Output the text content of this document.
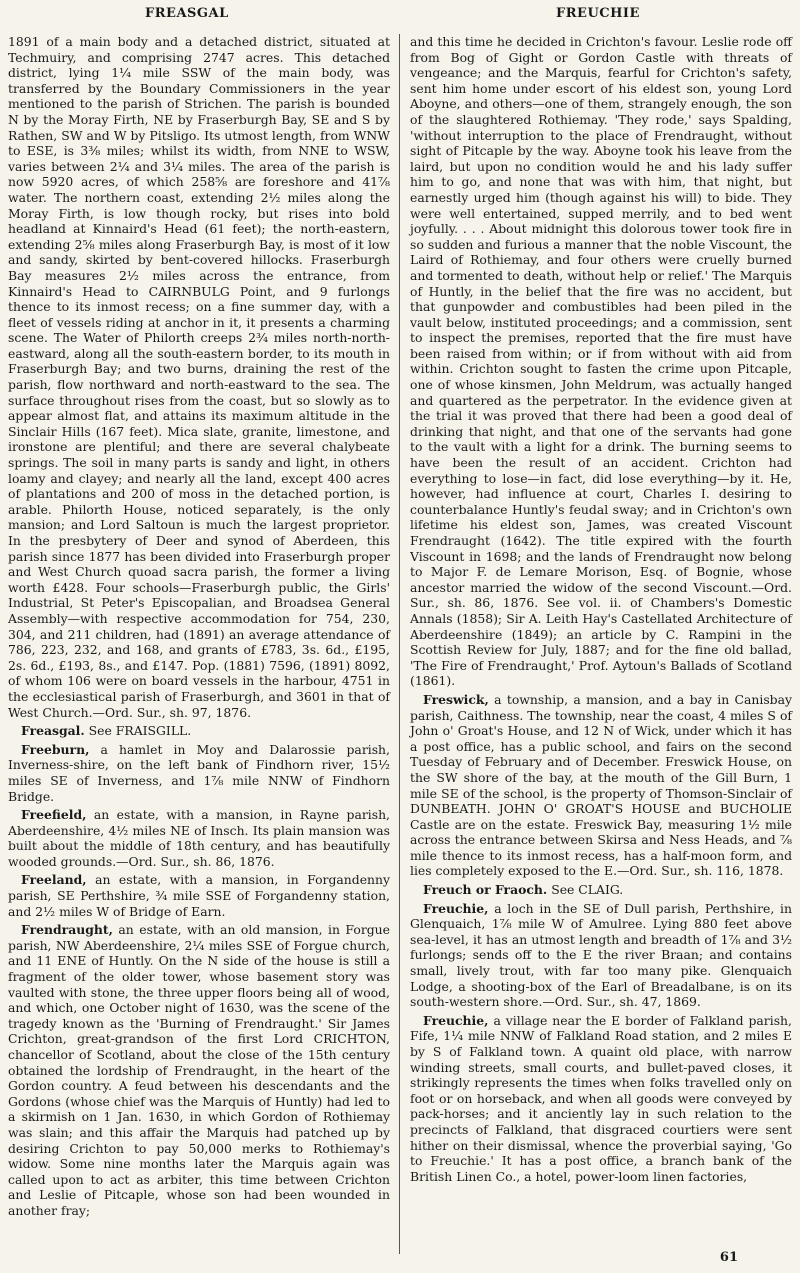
FREASGAL	FREUCHIE

1891 of a main body and a detached district, situated at Techmuiry, and comprising 2747 acres. This detached district, lying 1¼ mile SSW of the main body, was transferred by the Boundary Commissioners in the year mentioned to the parish of Strichen. The parish is bounded N by the Moray Firth, NE by Fraserburgh Bay, SE and S by Rathen, SW and W by Pitsligo. Its utmost length, from WNW to ESE, is 3⅜ miles; whilst its width, from NNE to WSW, varies between 2¼ and 3¼ miles. The area of the parish is now 5920 acres, of which 258⅝ are foreshore and 41⅞ water. The northern coast, extending 2½ miles along the Moray Firth, is low though rocky, but rises into bold headland at Kinnaird's Head (61 feet); the north-eastern, extending 2⅝ miles along Fraserburgh Bay, is most of it low and sandy, skirted by bent-covered hillocks. Fraserburgh Bay measures 2½ miles across the entrance, from Kinnaird's Head to CAIRNBULG Point, and 9 furlongs thence to its inmost recess; on a fine summer day, with a fleet of vessels riding at anchor in it, it presents a charming scene. The Water of Philorth creeps 2¾ miles north-north-eastward, along all the south-eastern border, to its mouth in Fraserburgh Bay; and two burns, draining the rest of the parish, flow northward and north-eastward to the sea. The surface throughout rises from the coast, but so slowly as to appear almost flat, and attains its maximum altitude in the Sinclair Hills (167 feet). Mica slate, granite, limestone, and ironstone are plentiful; and there are several chalybeate springs. The soil in many parts is sandy and light, in others loamy and clayey; and nearly all the land, except 400 acres of plantations and 200 of moss in the detached portion, is arable. Philorth House, noticed separately, is the only mansion; and Lord Saltoun is much the largest proprietor. In the presbytery of Deer and synod of Aberdeen, this parish since 1877 has been divided into Fraserburgh proper and West Church quoad sacra parish, the former a living worth £428. Four schools—Fraserburgh public, the Girls' Industrial, St Peter's Episcopalian, and Broadsea General Assembly—with respective accommodation for 754, 230, 304, and 211 children, had (1891) an average attendance of 786, 223, 232, and 168, and grants of £783, 3s. 6d., £195, 2s. 6d., £193, 8s., and £147. Pop. (1881) 7596, (1891) 8092, of whom 106 were on board vessels in the harbour, 4751 in the ecclesiastical parish of Fraserburgh, and 3601 in that of West Church.—Ord. Sur., sh. 97, 1876.

Freasgal. See FRAISGILL.

Freeburn, a hamlet in Moy and Dalarossie parish, Inverness-shire, on the left bank of Findhorn river, 15½ miles SE of Inverness, and 1⅞ mile NNW of Findhorn Bridge.

Freefield, an estate, with a mansion, in Rayne parish, Aberdeenshire, 4½ miles NE of Insch. Its plain mansion was built about the middle of 18th century, and has beautifully wooded grounds.—Ord. Sur., sh. 86, 1876.

Freeland, an estate, with a mansion, in Forgandenny parish, SE Perthshire, ¾ mile SSE of Forgandenny station, and 2½ miles W of Bridge of Earn.

Frendraught, an estate, with an old mansion, in Forgue parish, NW Aberdeenshire, 2¼ miles SSE of Forgue church, and 11 ENE of Huntly. On the N side of the house is still a fragment of the older tower, whose basement story was vaulted with stone, the three upper floors being all of wood, and which, one October night of 1630, was the scene of the tragedy known as the 'Burning of Frendraught.' Sir James Crichton, great-grandson of the first Lord CRICHTON, chancellor of Scotland, about the close of the 15th century obtained the lordship of Frendraught, in the heart of the Gordon country. A feud between his descendants and the Gordons (whose chief was the Marquis of Huntly) had led to a skirmish on 1 Jan. 1630, in which Gordon of Rothiemay was slain; and this affair the Marquis had patched up by desiring Crichton to pay 50,000 merks to Rothiemay's widow. Some nine months later the Marquis again was called upon to act as arbiter, this time between Crichton and Leslie of Pitcaple, whose son had been wounded in another fray;

and this time he decided in Crichton's favour. Leslie rode off from Bog of Gight or Gordon Castle with threats of vengeance; and the Marquis, fearful for Crichton's safety, sent him home under escort of his eldest son, young Lord Aboyne, and others—one of them, strangely enough, the son of the slaughtered Rothiemay. 'They rode,' says Spalding, 'without interruption to the place of Frendraught, without sight of Pitcaple by the way. Aboyne took his leave from the laird, but upon no condition would he and his lady suffer him to go, and none that was with him, that night, but earnestly urged him (though against his will) to bide. They were well entertained, supped merrily, and to bed went joyfully. . . . About midnight this dolorous tower took fire in so sudden and furious a manner that the noble Viscount, the Laird of Rothiemay, and four others were cruelly burned and tormented to death, without help or relief.' The Marquis of Huntly, in the belief that the fire was no accident, but that gunpowder and combustibles had been piled in the vault below, instituted proceedings; and a commission, sent to inspect the premises, reported that the fire must have been raised from within; or if from without with aid from within. Crichton sought to fasten the crime upon Pitcaple, one of whose kinsmen, John Meldrum, was actually hanged and quartered as the perpetrator. In the evidence given at the trial it was proved that there had been a good deal of drinking that night, and that one of the servants had gone to the vault with a light for a drink. The burning seems to have been the result of an accident. Crichton had everything to lose—in fact, did lose everything—by it. He, however, had influence at court, Charles I. desiring to counterbalance Huntly's feudal sway; and in Crichton's own lifetime his eldest son, James, was created Viscount Frendraught (1642). The title expired with the fourth Viscount in 1698; and the lands of Frendraught now belong to Major F. de Lemare Morison, Esq. of Bognie, whose ancestor married the widow of the second Viscount.—Ord. Sur., sh. 86, 1876. See vol. ii. of Chambers's Domestic Annals (1858); Sir A. Leith Hay's Castellated Architecture of Aberdeenshire (1849); an article by C. Rampini in the Scottish Review for July, 1887; and for the fine old ballad, 'The Fire of Frendraught,' Prof. Aytoun's Ballads of Scotland (1861).

Freswick, a township, a mansion, and a bay in Canisbay parish, Caithness. The township, near the coast, 4 miles S of John o' Groat's House, and 12 N of Wick, under which it has a post office, has a public school, and fairs on the second Tuesday of February and of December. Freswick House, on the SW shore of the bay, at the mouth of the Gill Burn, 1 mile SE of the school, is the property of Thomson-Sinclair of DUNBEATH. JOHN O' GROAT'S HOUSE and BUCHOLIE Castle are on the estate. Freswick Bay, measuring 1½ mile across the entrance between Skirsa and Ness Heads, and ⅞ mile thence to its inmost recess, has a half-moon form, and lies completely exposed to the E.—Ord. Sur., sh. 116, 1878.

Freuch or Fraoch. See CLAIG.

Freuchie, a loch in the SE of Dull parish, Perthshire, in Glenquaich, 1⅞ mile W of Amulree. Lying 880 feet above sea-level, it has an utmost length and breadth of 1⅞ and 3½ furlongs; sends off to the E the river Braan; and contains small, lively trout, with far too many pike. Glenquaich Lodge, a shooting-box of the Earl of Breadalbane, is on its south-western shore.—Ord. Sur., sh. 47, 1869.

Freuchie, a village near the E border of Falkland parish, Fife, 1¼ mile NNW of Falkland Road station, and 2 miles E by S of Falkland town. A quaint old place, with narrow winding streets, small courts, and bullet-paved closes, it strikingly represents the times when folks travelled only on foot or on horseback, and when all goods were conveyed by pack-horses; and it anciently lay in such relation to the precincts of Falkland, that disgraced courtiers were sent hither on their dismissal, whence the proverbial saying, 'Go to Freuchie.' It has a post office, a branch bank of the British Linen Co., a hotel, power-loom linen factories,

61
